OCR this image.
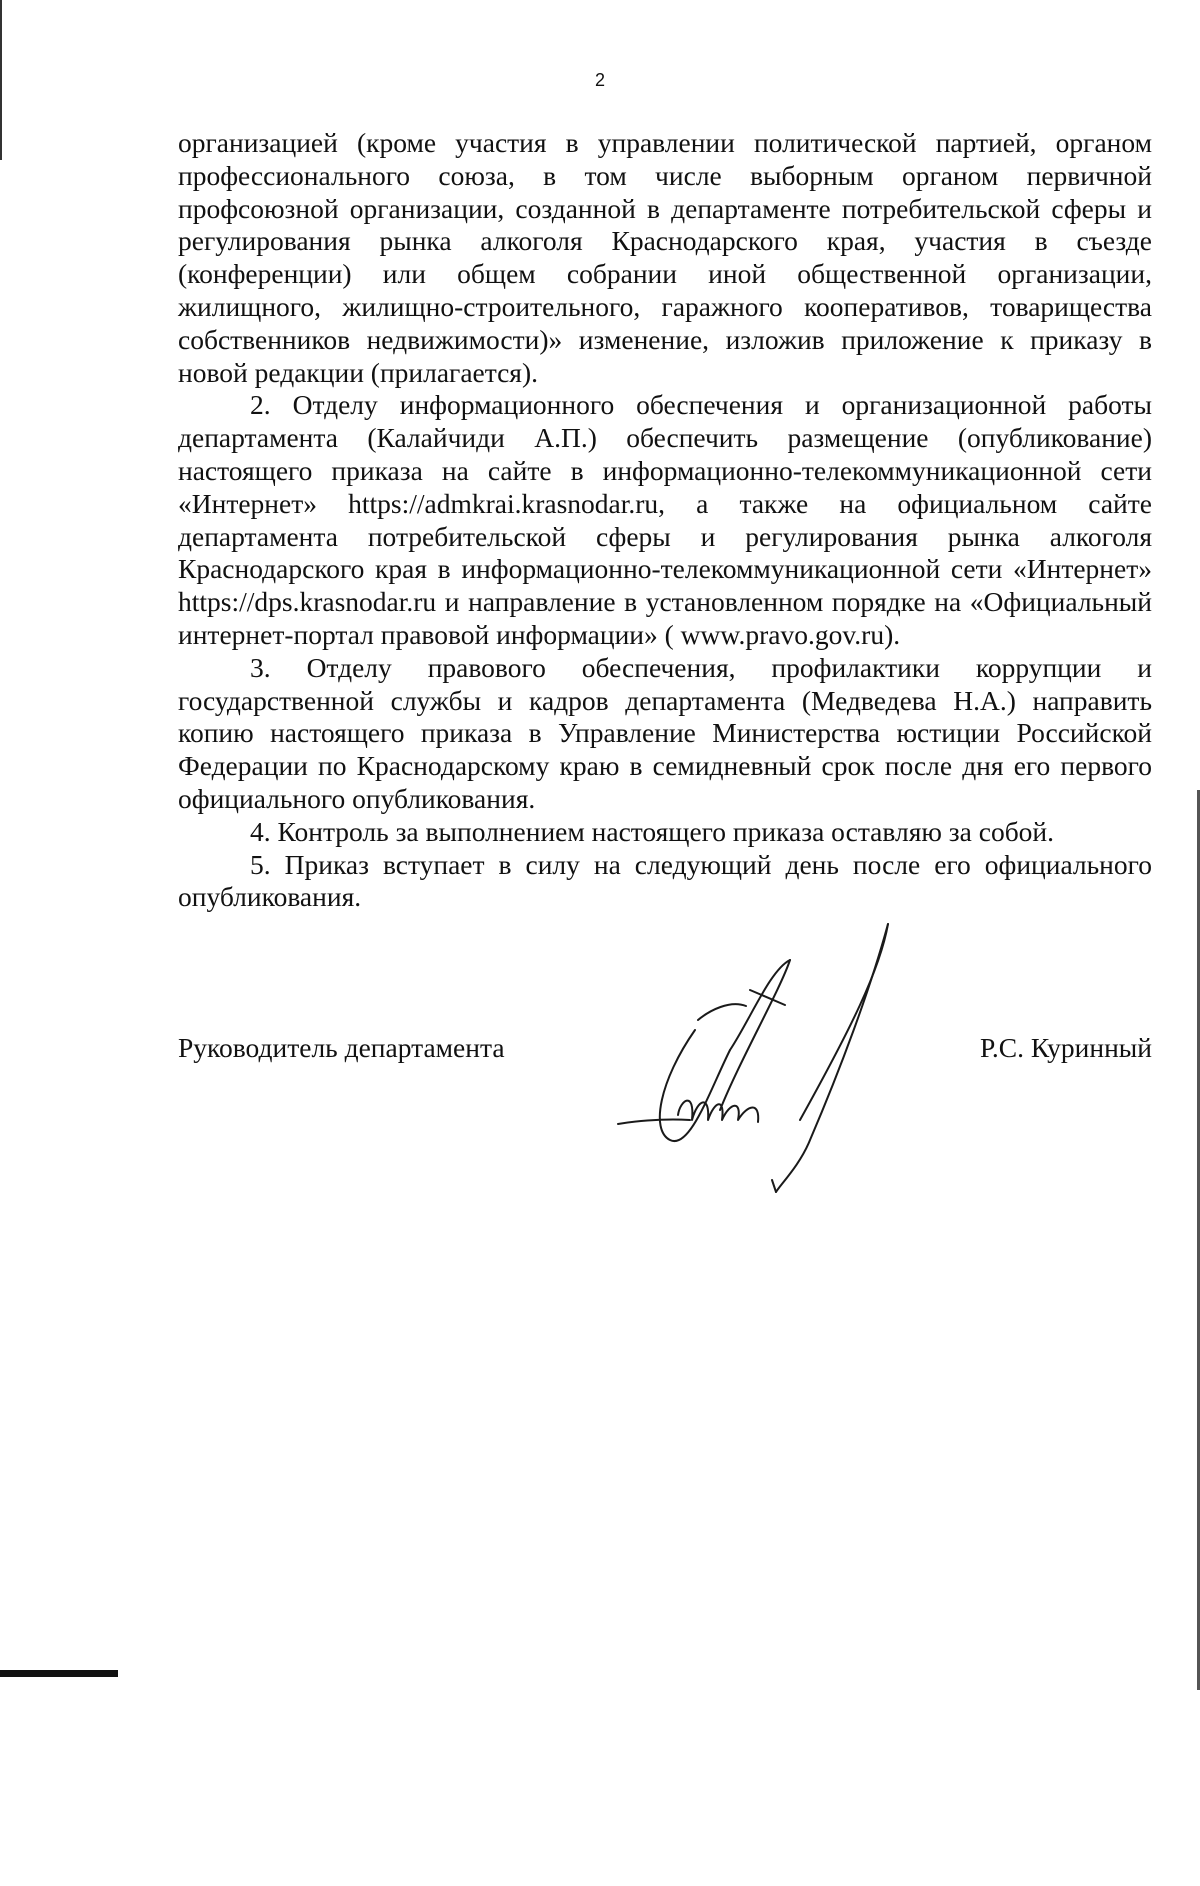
2

организацией (кроме участия в управлении политической партией, органом профессионального союза, в том числе выборным органом первичной профсоюзной организации, созданной в департаменте потребительской сферы и регулирования рынка алкоголя Краснодарского края, участия в съезде (конференции) или общем собрании иной общественной организации, жилищного, жилищно-строительного, гаражного кооперативов, товарищества собственников недвижимости)» изменение, изложив приложение к приказу в новой редакции (прилагается).

2. Отделу информационного обеспечения и организационной работы департамента (Калайчиди А.П.) обеспечить размещение (опубликование) настоящего приказа на сайте в информационно-телекоммуникационной сети «Интернет» https://admkrai.krasnodar.ru, а также на официальном сайте департамента потребительской сферы и регулирования рынка алкоголя Краснодарского края в информационно-телекоммуникационной сети «Интернет» https://dps.krasnodar.ru и направление в установленном порядке на «Официальный интернет-портал правовой информации» ( www.pravo.gov.ru).

3. Отделу правового обеспечения, профилактики коррупции и государственной службы и кадров департамента (Медведева Н.А.) направить копию настоящего приказа в Управление Министерства юстиции Российской Федерации по Краснодарскому краю в семидневный срок после дня его первого официального опубликования.

4. Контроль за выполнением настоящего приказа оставляю за собой.

5. Приказ вступает в силу на следующий день после его официального опубликования.

Руководитель департамента	Р.С. Куринный
